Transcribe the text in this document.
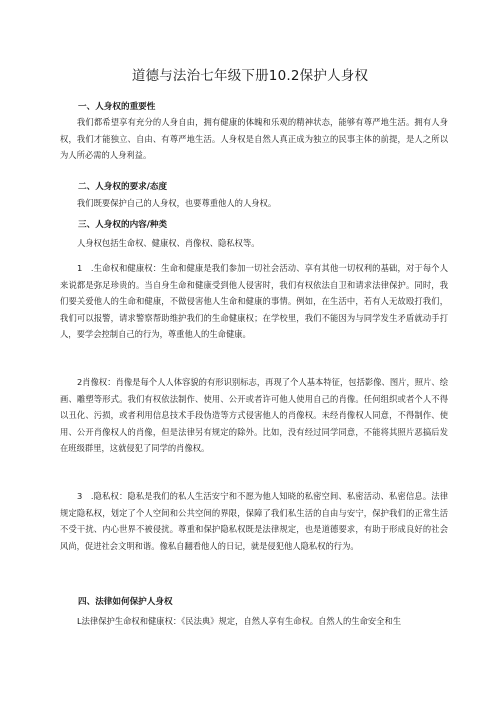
道德与法治七年级下册10.2保护人身权
一、人身权的重要性

我们都希望享有充分的人身自由，拥有健康的体魄和乐观的精神状态，能够有尊严地生活。拥有人身权，我们才能独立、自由、有尊严地生活。人身权是自然人真正成为独立的民事主体的前提，是人之所以为人所必需的人身利益。

二、人身权的要求/态度

我们既要保护自己的人身权，也要尊重他人的人身权。

三、人身权的内容/种类

人身权包括生命权、健康权、肖像权、隐私权等。

1　.生命权和健康权：生命和健康是我们参加一切社会活动、享有其他一切权利的基础，对于每个人来说都是弥足珍贵的。当自身生命和健康受到他人侵害时，我们有权依法自卫和请求法律保护。同时，我们要关爱他人的生命和健康，不做侵害他人生命和健康的事情。例如，在生活中，若有人无故殴打我们，我们可以报警，请求警察帮助维护我们的生命健康权；在学校里，我们不能因为与同学发生矛盾就动手打人，要学会控制自己的行为，尊重他人的生命健康。

2肖像权：肖像是每个人人体容貌的有形识别标志，再现了个人基本特征，包括影像、图片，照片、绘画、雕塑等形式。我们有权依法制作、使用、公开或者许可他人使用自己的肖像。任何组织或者个人不得以丑化、污损，或者利用信息技术手段伪造等方式侵害他人的肖像权。未经肖像权人同意，不得制作、使用、公开肖像权人的肖像，但是法律另有规定的除外。比如，没有经过同学同意，不能将其照片恶搞后发在班级群里，这就侵犯了同学的肖像权。

3　.隐私权：隐私是我们的私人生活安宁和不愿为他人知晓的私密空间、私密活动、私密信息。法律规定隐私权，划定了个人空间和公共空间的界限，保障了我们私生活的自由与安宁，保护我们的正常生活不受干扰、内心世界不被侵扰。尊重和保护隐私权既是法律规定，也是道德要求，有助于形成良好的社会风尚，促进社会文明和谐。像私自翻看他人的日记，就是侵犯他人隐私权的行为。

四、法律如何保护人身权

L法律保护生命权和健康权：《民法典》规定，自然人享有生命权。自然人的生命安全和生
